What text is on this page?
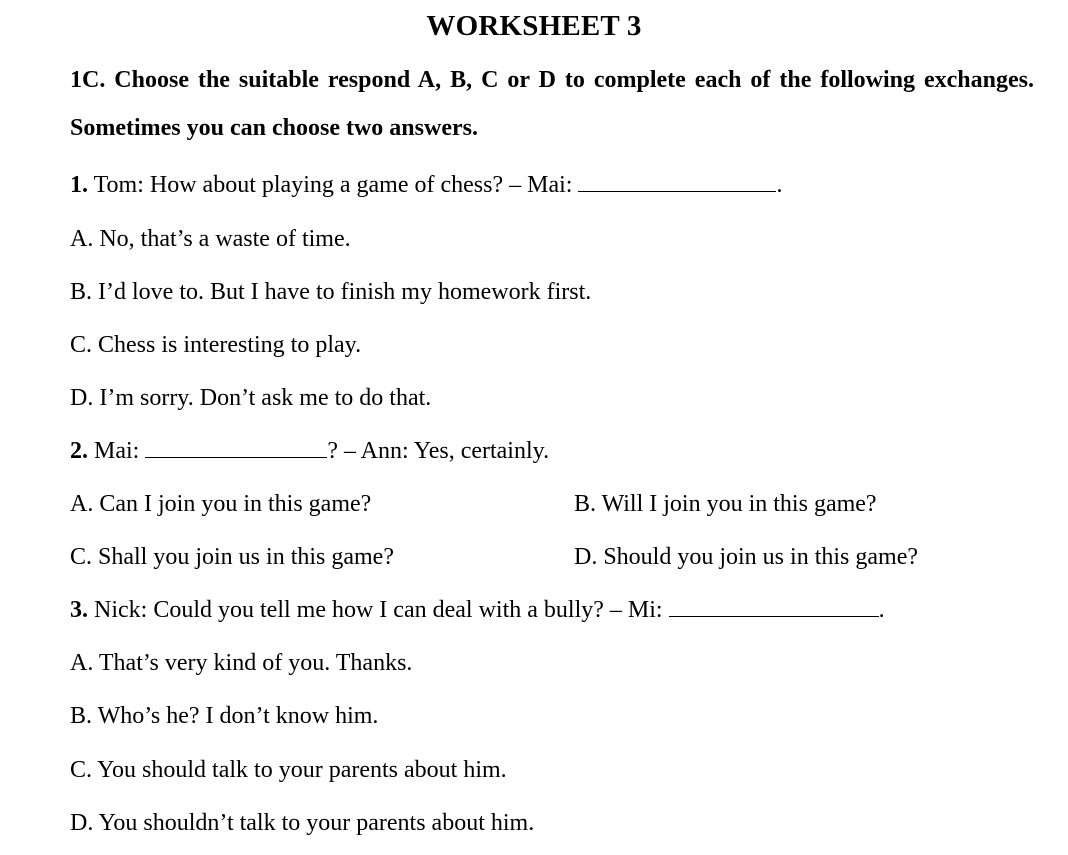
WORKSHEET 3
1C. Choose the suitable respond A, B, C or D to complete each of the following exchanges. Sometimes you can choose two answers.
1. Tom: How about playing a game of chess? – Mai:	.
A. No, that’s a waste of time.
B. I’d love to. But I have to finish my homework first.
C. Chess is interesting to play.
D. I’m sorry. Don’t ask me to do that.
2. Mai:	? – Ann: Yes, certainly.
A. Can I join you in this game?	B. Will I join you in this game?
C. Shall you join us in this game?	D. Should you join us in this game?
3. Nick: Could you tell me how I can deal with a bully? – Mi:	.
A. That’s very kind of you. Thanks.
B. Who’s he? I don’t know him.
C. You should talk to your parents about him.
D. You shouldn’t talk to your parents about him.
